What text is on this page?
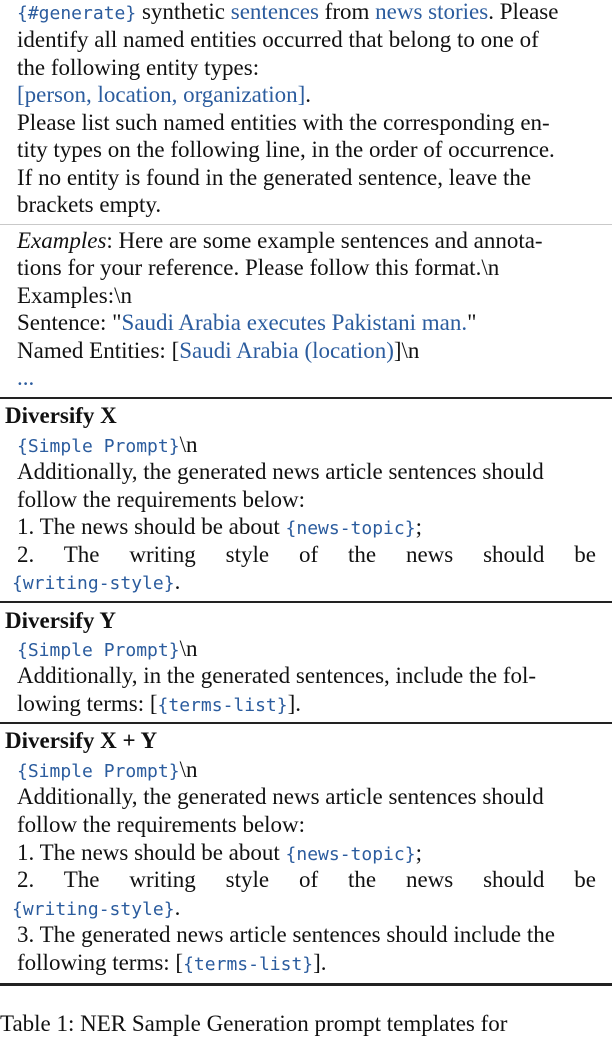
{#generate} synthetic sentences from news stories. Please
identify all named entities occurred that belong to one of
the following entity types:
[person, location, organization].
Please list such named entities with the corresponding en-
tity types on the following line, in the order of occurrence.
If no entity is found in the generated sentence, leave the
brackets empty.
Examples: Here are some example sentences and annota-
tions for your reference. Please follow this format.\n
Examples:\n
Sentence: "Saudi Arabia executes Pakistani man."
Named Entities: [Saudi Arabia (location)]\n
...
Diversify X
{Simple Prompt}\n
Additionally, the generated news article sentences should
follow the requirements below:
1. The news should be about {news-topic};
2. The writing style of the news should be
{writing-style}.
Diversify Y
{Simple Prompt}\n
Additionally, in the generated sentences, include the fol-
lowing terms: [{terms-list}].
Diversify X + Y
{Simple Prompt}\n
Additionally, the generated news article sentences should
follow the requirements below:
1. The news should be about {news-topic};
2. The writing style of the news should be
{writing-style}.
3. The generated news article sentences should include the
following terms: [{terms-list}].
Table 1: NER Sample Generation prompt templates for
